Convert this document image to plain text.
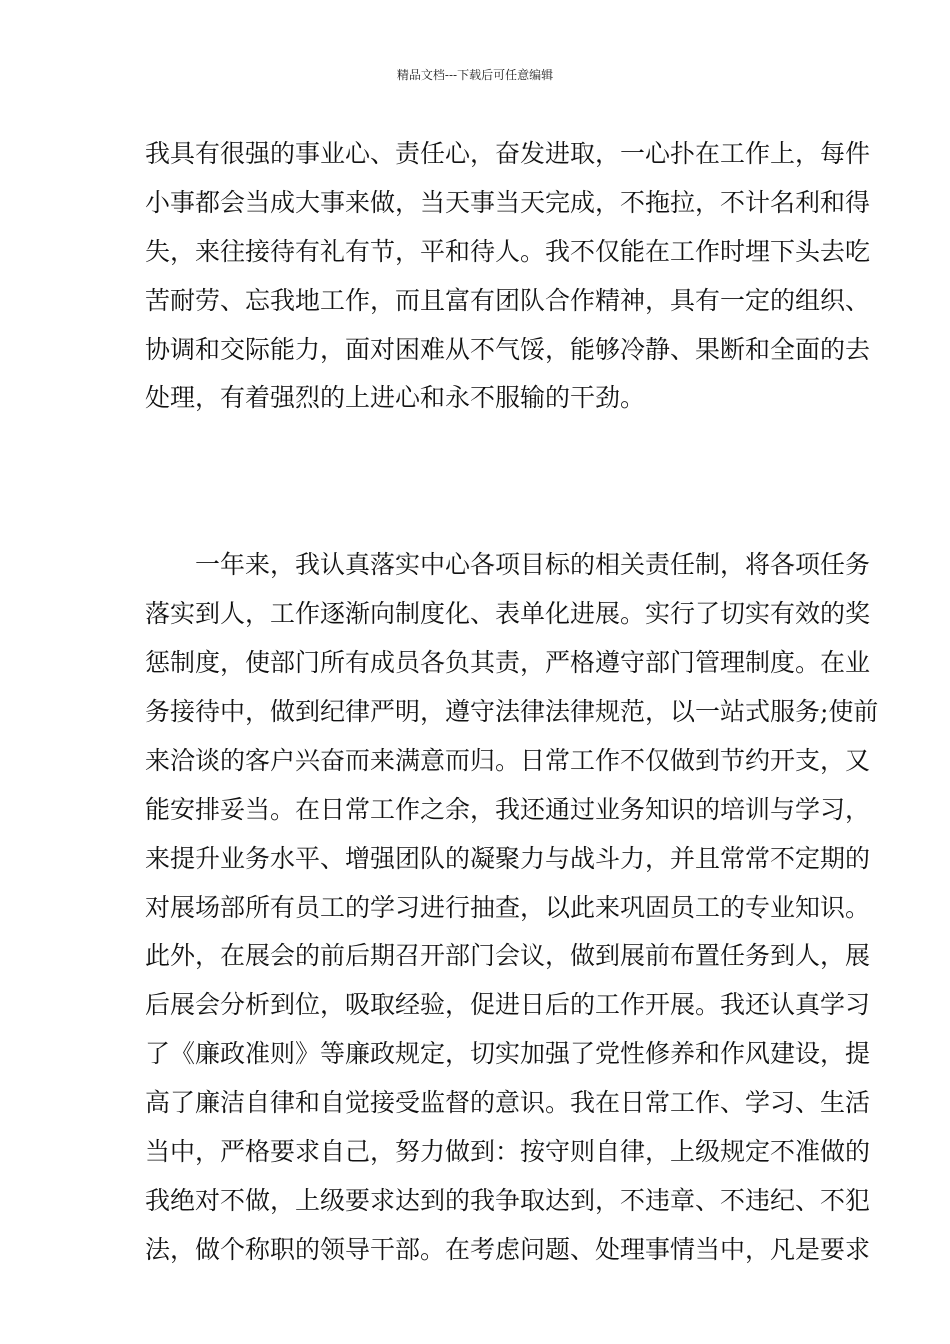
精品文档---下载后可任意编辑
我具有很强的事业心、责任心，奋发进取，一心扑在工作上，每件
小事都会当成大事来做，当天事当天完成，不拖拉，不计名利和得
失，来往接待有礼有节，平和待人。我不仅能在工作时埋下头去吃
苦耐劳、忘我地工作，而且富有团队合作精神，具有一定的组织、
协调和交际能力，面对困难从不气馁，能够冷静、果断和全面的去
处理，有着强烈的上进心和永不服输的干劲。
一年来，我认真落实中心各项目标的相关责任制，将各项任务
落实到人，工作逐渐向制度化、表单化进展。实行了切实有效的奖
惩制度，使部门所有成员各负其责，严格遵守部门管理制度。在业
务接待中，做到纪律严明，遵守法律法律规范，以一站式服务;使前
来洽谈的客户兴奋而来满意而归。日常工作不仅做到节约开支，又
能安排妥当。在日常工作之余，我还通过业务知识的培训与学习，
来提升业务水平、增强团队的凝聚力与战斗力，并且常常不定期的
对展场部所有员工的学习进行抽查，以此来巩固员工的专业知识。
此外，在展会的前后期召开部门会议，做到展前布置任务到人，展
后展会分析到位，吸取经验，促进日后的工作开展。我还认真学习
了《廉政准则》等廉政规定，切实加强了党性修养和作风建设，提
高了廉洁自律和自觉接受监督的意识。我在日常工作、学习、生活
当中，严格要求自己，努力做到：按守则自律，上级规定不准做的
我绝对不做，上级要求达到的我争取达到，不违章、不违纪、不犯
法，做个称职的领导干部。在考虑问题、处理事情当中，凡是要求
